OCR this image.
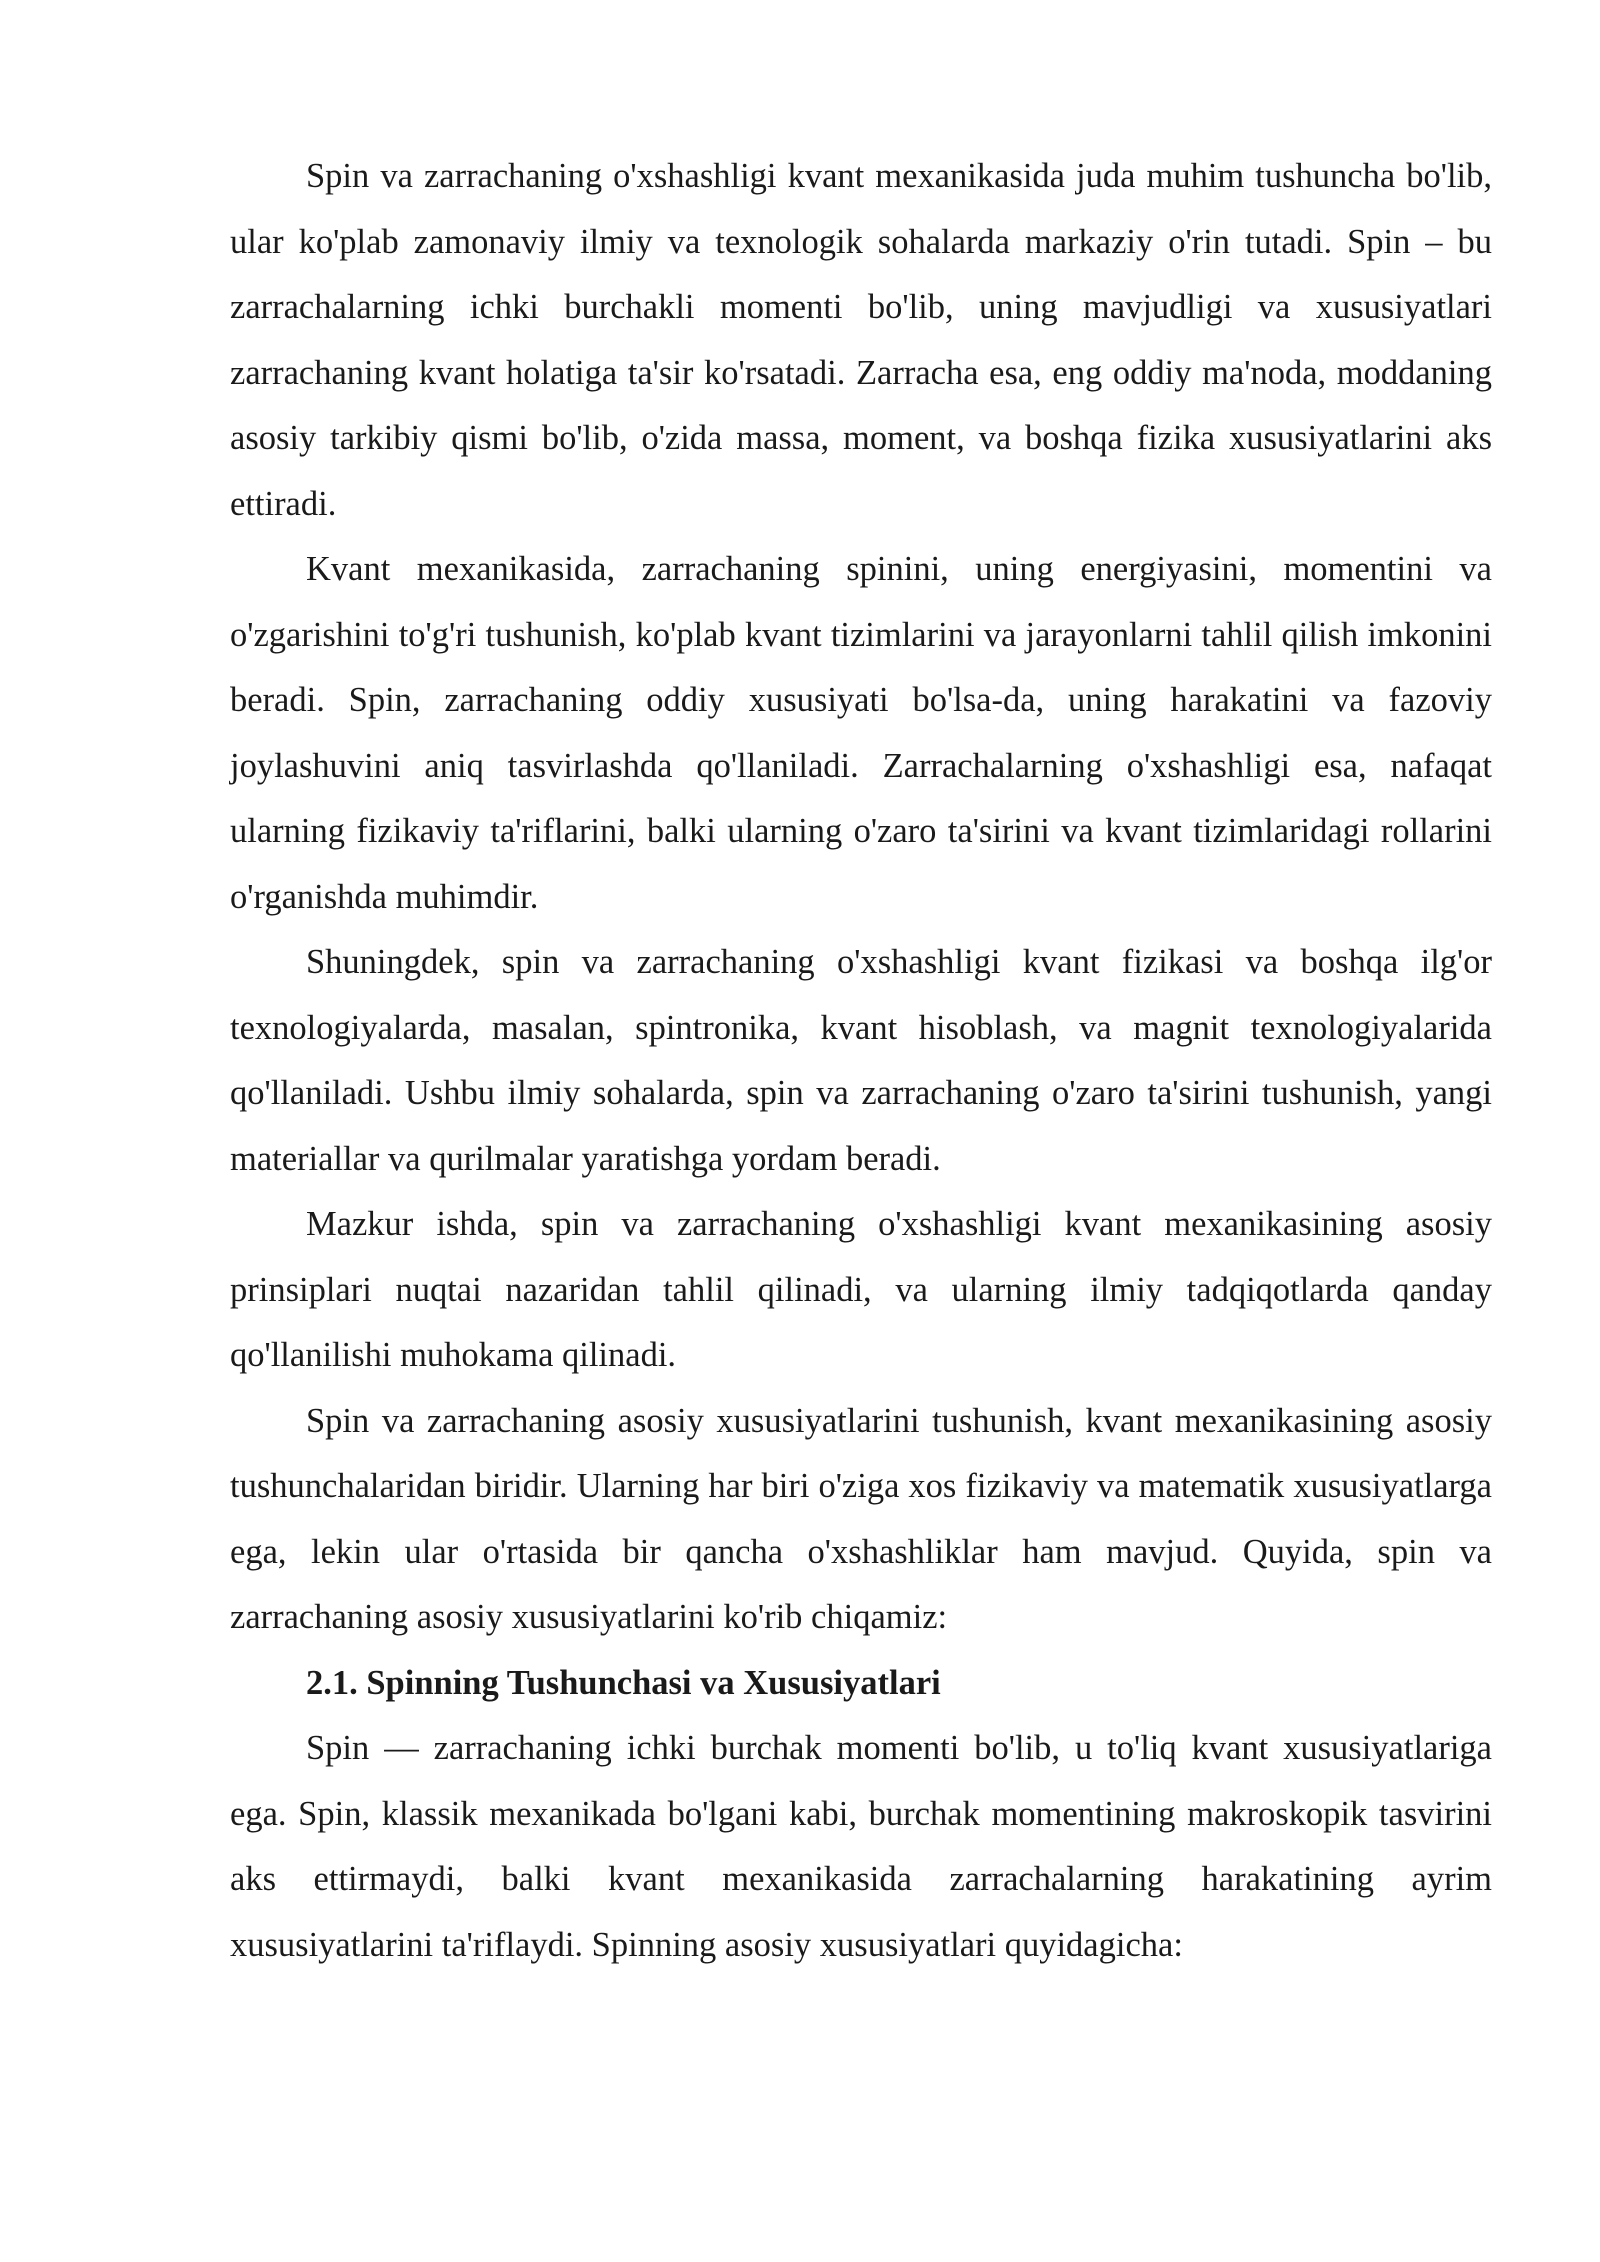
Spin va zarrachaning o'xshashligi kvant mexanikasida juda muhim tushuncha bo'lib, ular ko'plab zamonaviy ilmiy va texnologik sohalarda markaziy o'rin tutadi. Spin – bu zarrachalarning ichki burchakli momenti bo'lib, uning mavjudligi va xususiyatlari zarrachaning kvant holatiga ta'sir ko'rsatadi. Zarracha esa, eng oddiy ma'noda, moddaning asosiy tarkibiy qismi bo'lib, o'zida massa, moment, va boshqa fizika xususiyatlarini aks ettiradi.

Kvant mexanikasida, zarrachaning spinini, uning energiyasini, momentini va o'zgarishini to'g'ri tushunish, ko'plab kvant tizimlarini va jarayonlarni tahlil qilish imkonini beradi. Spin, zarrachaning oddiy xususiyati bo'lsa-da, uning harakatini va fazoviy joylashuvini aniq tasvirlashda qo'llaniladi. Zarrachalarning o'xshashligi esa, nafaqat ularning fizikaviy ta'riflarini, balki ularning o'zaro ta'sirini va kvant tizimlaridagi rollarini o'rganishda muhimdir.

Shuningdek, spin va zarrachaning o'xshashligi kvant fizikasi va boshqa ilg'or texnologiyalarda, masalan, spintronika, kvant hisoblash, va magnit texnologiyalarida qo'llaniladi. Ushbu ilmiy sohalarda, spin va zarrachaning o'zaro ta'sirini tushunish, yangi materiallar va qurilmalar yaratishga yordam beradi.

Mazkur ishda, spin va zarrachaning o'xshashligi kvant mexanikasining asosiy prinsiplari nuqtai nazaridan tahlil qilinadi, va ularning ilmiy tadqiqotlarda qanday qo'llanilishi muhokama qilinadi.

Spin va zarrachaning asosiy xususiyatlarini tushunish, kvant mexanikasining asosiy tushunchalaridan biridir. Ularning har biri o'ziga xos fizikaviy va matematik xususiyatlarga ega, lekin ular o'rtasida bir qancha o'xshashliklar ham mavjud. Quyida, spin va zarrachaning asosiy xususiyatlarini ko'rib chiqamiz:

2.1. Spinning Tushunchasi va Xususiyatlari

Spin — zarrachaning ichki burchak momenti bo'lib, u to'liq kvant xususiyatlariga ega. Spin, klassik mexanikada bo'lgani kabi, burchak momentining makroskopik tasvirini aks ettirmaydi, balki kvant mexanikasida zarrachalarning harakatining ayrim xususiyatlarini ta'riflaydi. Spinning asosiy xususiyatlari quyidagicha:
